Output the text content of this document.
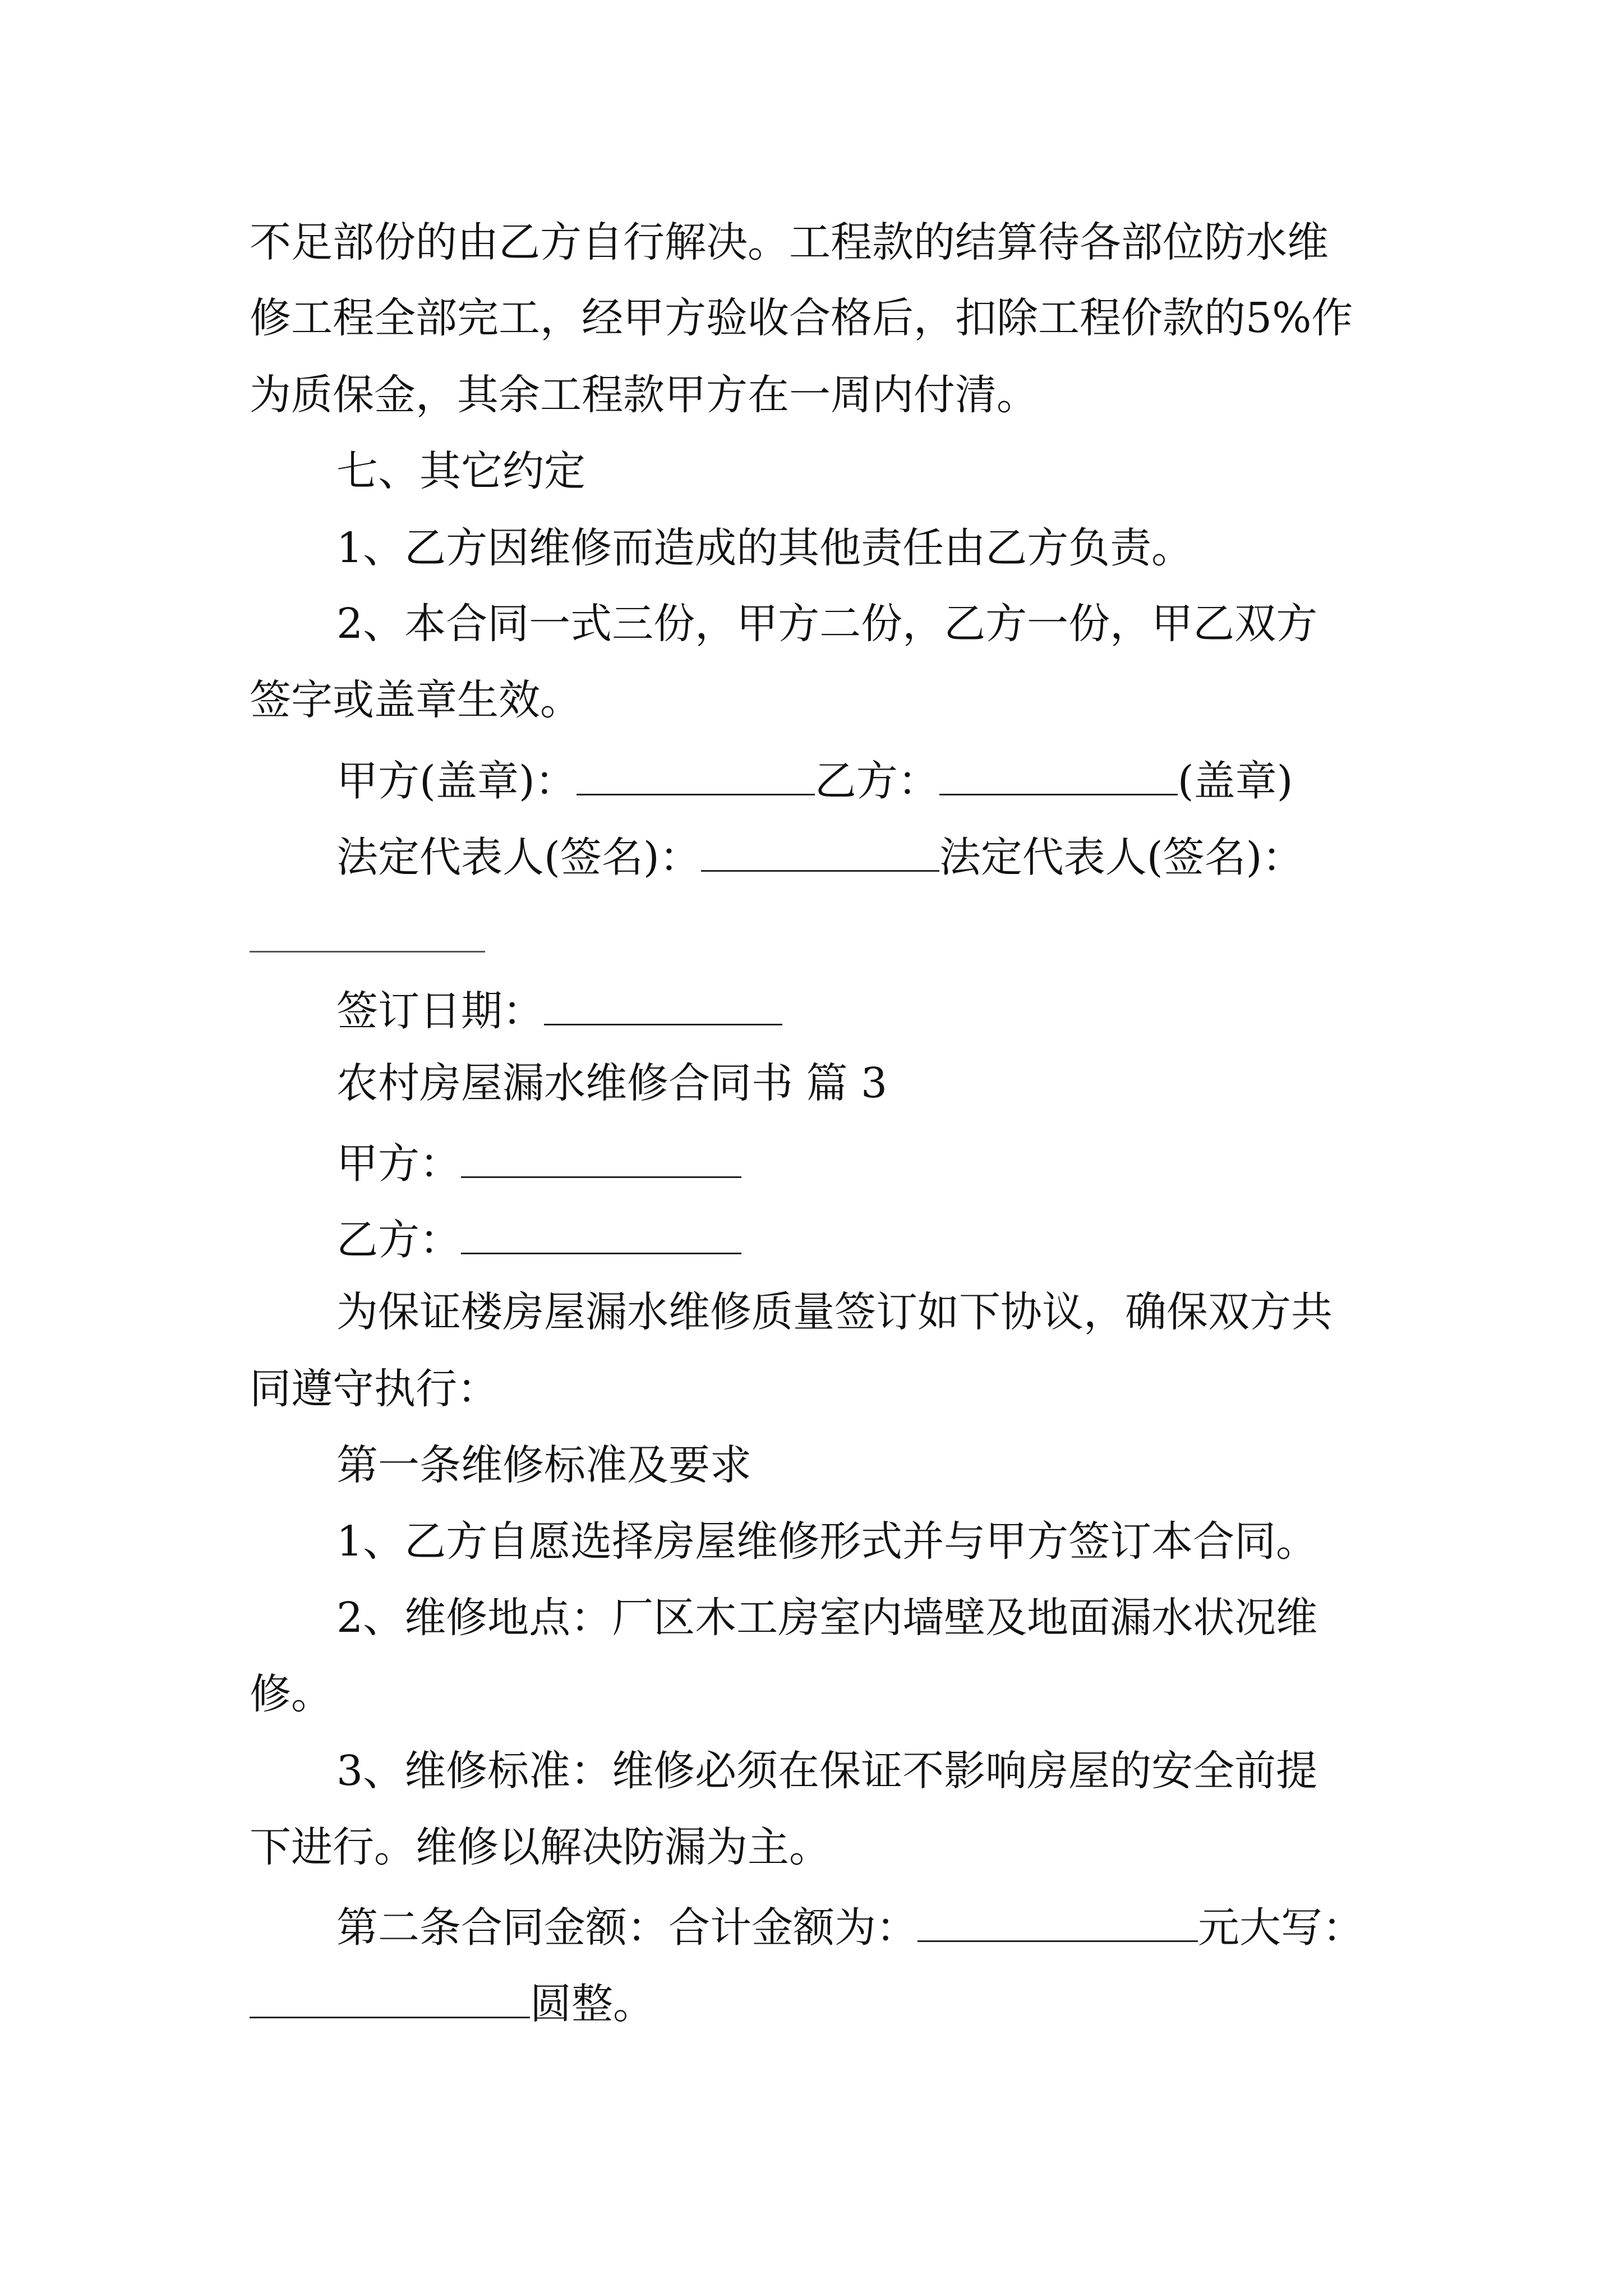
不足部份的由乙方自行解决。工程款的结算待各部位防水维
修工程全部完工，经甲方验收合格后，扣除工程价款的5%作
为质保金，其余工程款甲方在一周内付清。
七、其它约定
1、乙方因维修而造成的其他责任由乙方负责。
2、本合同一式三份，甲方二份，乙方一份，甲乙双方
签字或盖章生效。
甲方(盖章)：	乙方：	(盖章)
法定代表人(签名)：	法定代表人(签名)：
签订日期：
农村房屋漏水维修合同书 篇 3
甲方：
乙方：
为保证楼房屋漏水维修质量签订如下协议，确保双方共
同遵守执行：
第一条维修标准及要求
1、乙方自愿选择房屋维修形式并与甲方签订本合同。
2、维修地点：厂区木工房室内墙壁及地面漏水状况维
修。
3、维修标准：维修必须在保证不影响房屋的安全前提
下进行。维修以解决防漏为主。
第二条合同金额：合计金额为：	元大写：
圆整。
